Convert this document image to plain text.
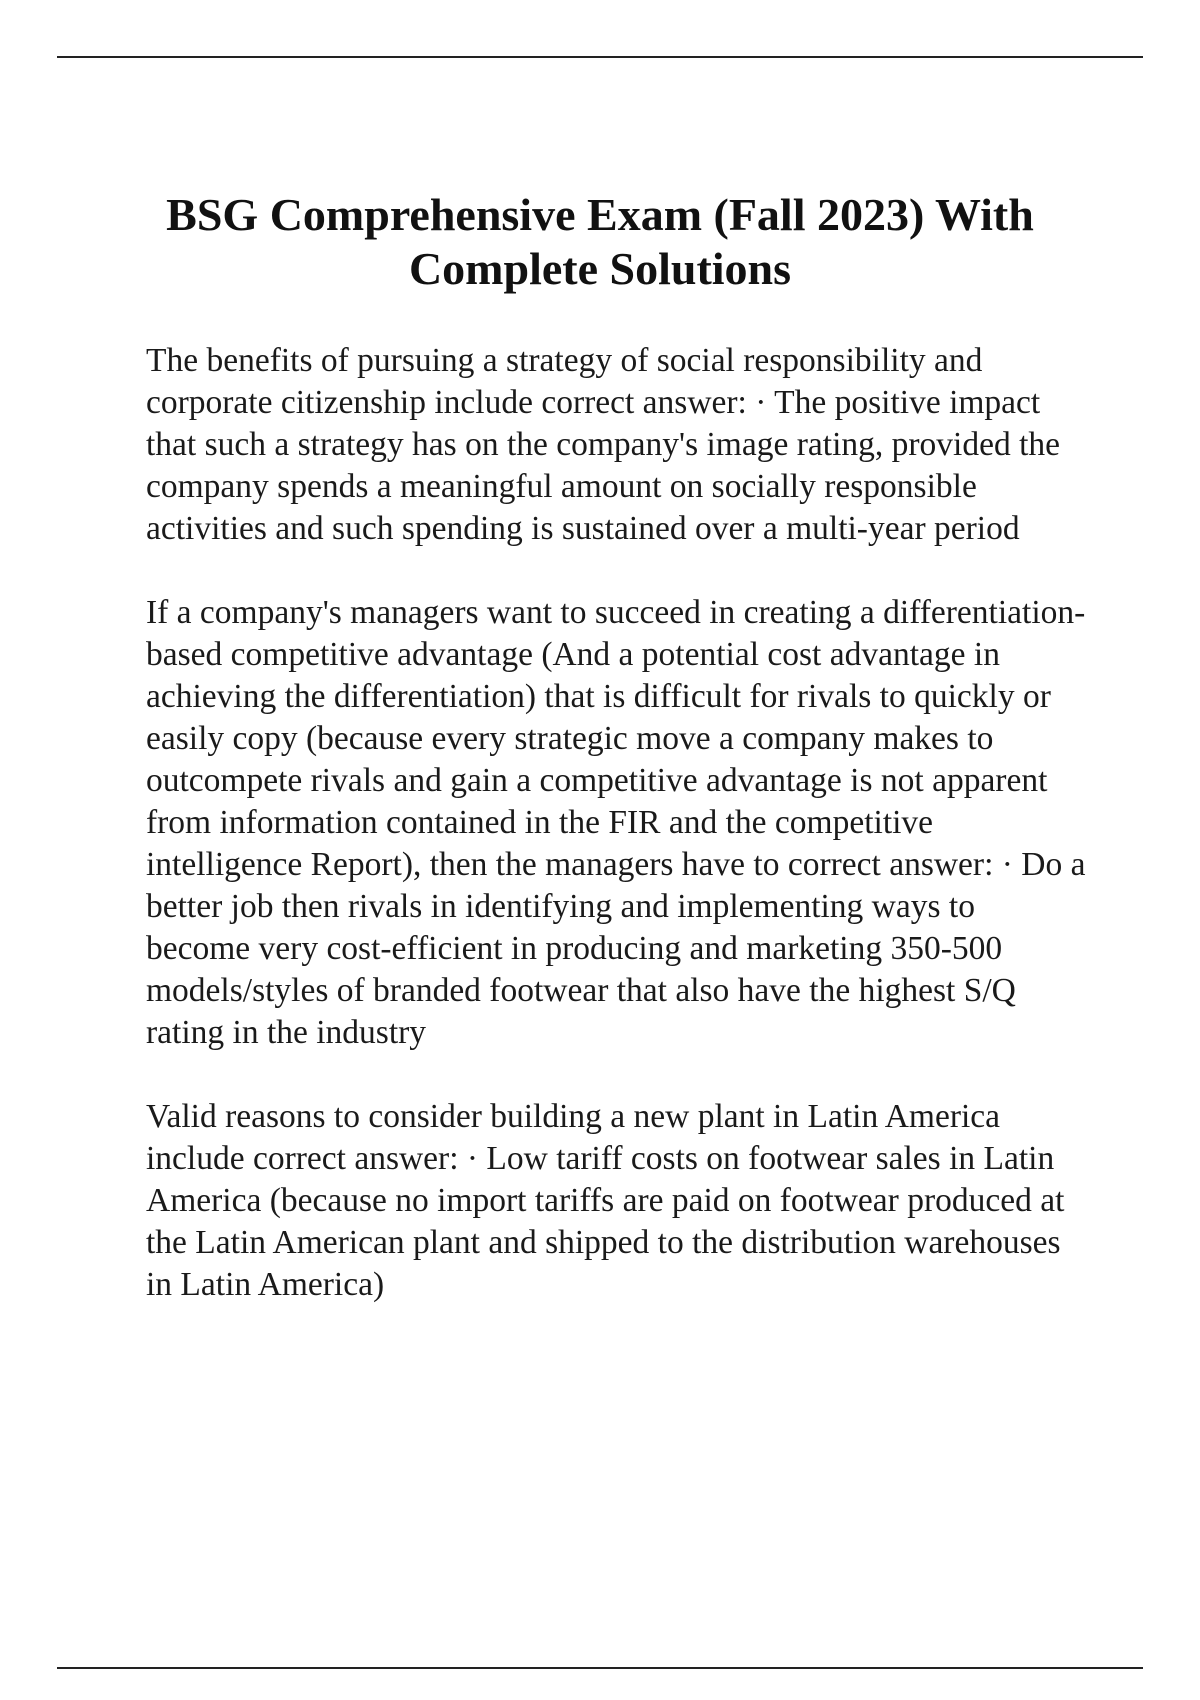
BSG Comprehensive Exam (Fall 2023) With Complete Solutions

The benefits of pursuing a strategy of social responsibility and corporate citizenship include correct answer: · The positive impact that such a strategy has on the company's image rating, provided the company spends a meaningful amount on socially responsible activities and such spending is sustained over a multi-year period

If a company's managers want to succeed in creating a differentiation-based competitive advantage (And a potential cost advantage in achieving the differentiation) that is difficult for rivals to quickly or easily copy (because every strategic move a company makes to outcompete rivals and gain a competitive advantage is not apparent from information contained in the FIR and the competitive intelligence Report), then the managers have to correct answer: · Do a better job then rivals in identifying and implementing ways to become very cost-efficient in producing and marketing 350-500 models/styles of branded footwear that also have the highest S/Q rating in the industry

Valid reasons to consider building a new plant in Latin America include correct answer: · Low tariff costs on footwear sales in Latin America (because no import tariffs are paid on footwear produced at the Latin American plant and shipped to the distribution warehouses in Latin America)
